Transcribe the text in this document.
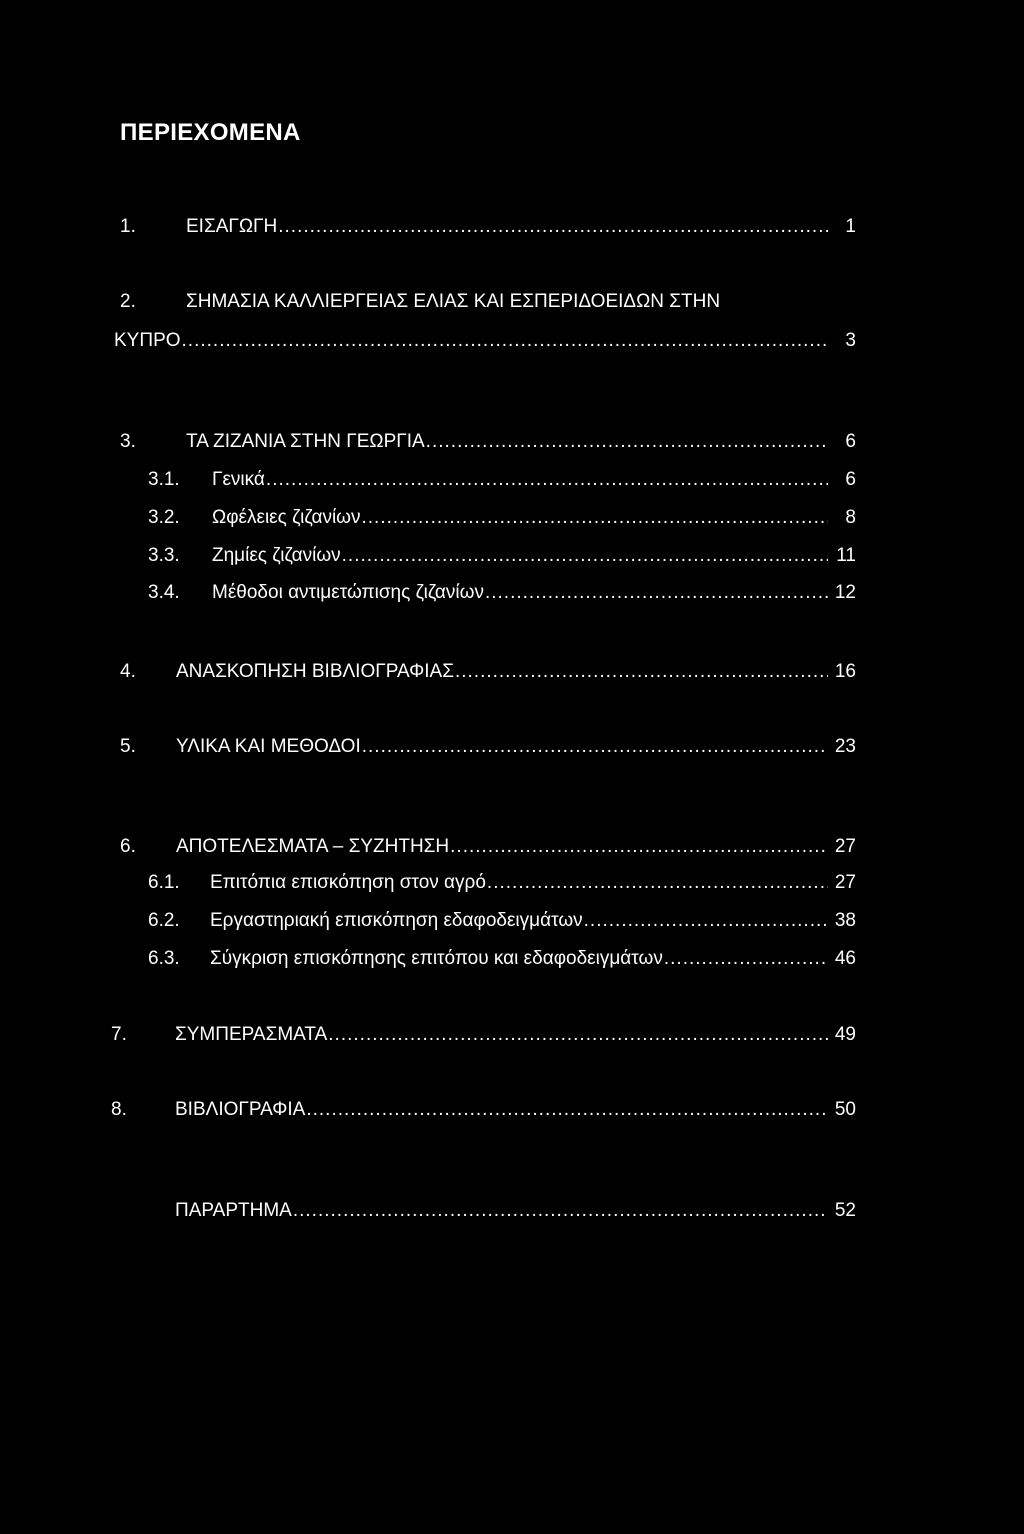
ΠΕΡΙΕΧΟΜΕΝΑ
1.	ΕΙΣΑΓΩΓΗ .....	1
2.	ΣΗΜΑΣΙΑ ΚΑΛΛΙΕΡΓΕΙΑΣ ΕΛΙΑΣ ΚΑΙ ΕΣΠΕΡΙΔΟΕΙΔΩΝ ΣΤΗΝ
ΚΥΠΡΟ .....	3
3.	ΤΑ ΖΙΖΑΝΙΑ ΣΤΗΝ ΓΕΩΡΓΙΑ .....	6
3.1.	Γενικά .....	6
3.2.	Ωφέλειες ζιζανίων .....	8
3.3.	Ζημίες ζιζανίων .....	11
3.4.	Μέθοδοι αντιμετώπισης ζιζανίων .....	12
4.	ΑΝΑΣΚΟΠΗΣΗ ΒΙΒΛΙΟΓΡΑΦΙΑΣ .....	16
5.	ΥΛΙΚΑ ΚΑΙ ΜΕΘΟΔΟΙ .....	23
6.	ΑΠΟΤΕΛΕΣΜΑΤΑ – ΣΥΖΗΤΗΣΗ .....	27
6.1.	Επιτόπια επισκόπηση στον αγρό .....	27
6.2.	Εργαστηριακή επισκόπηση εδαφοδειγμάτων .....	38
6.3.	Σύγκριση επισκόπησης επιτόπου και εδαφοδειγμάτων .....	46
7.	ΣΥΜΠΕΡΑΣΜΑΤΑ .....	49
8.	ΒΙΒΛΙΟΓΡΑΦΙΑ .....	50
ΠΑΡΑΡΤΗΜΑ .....	52
